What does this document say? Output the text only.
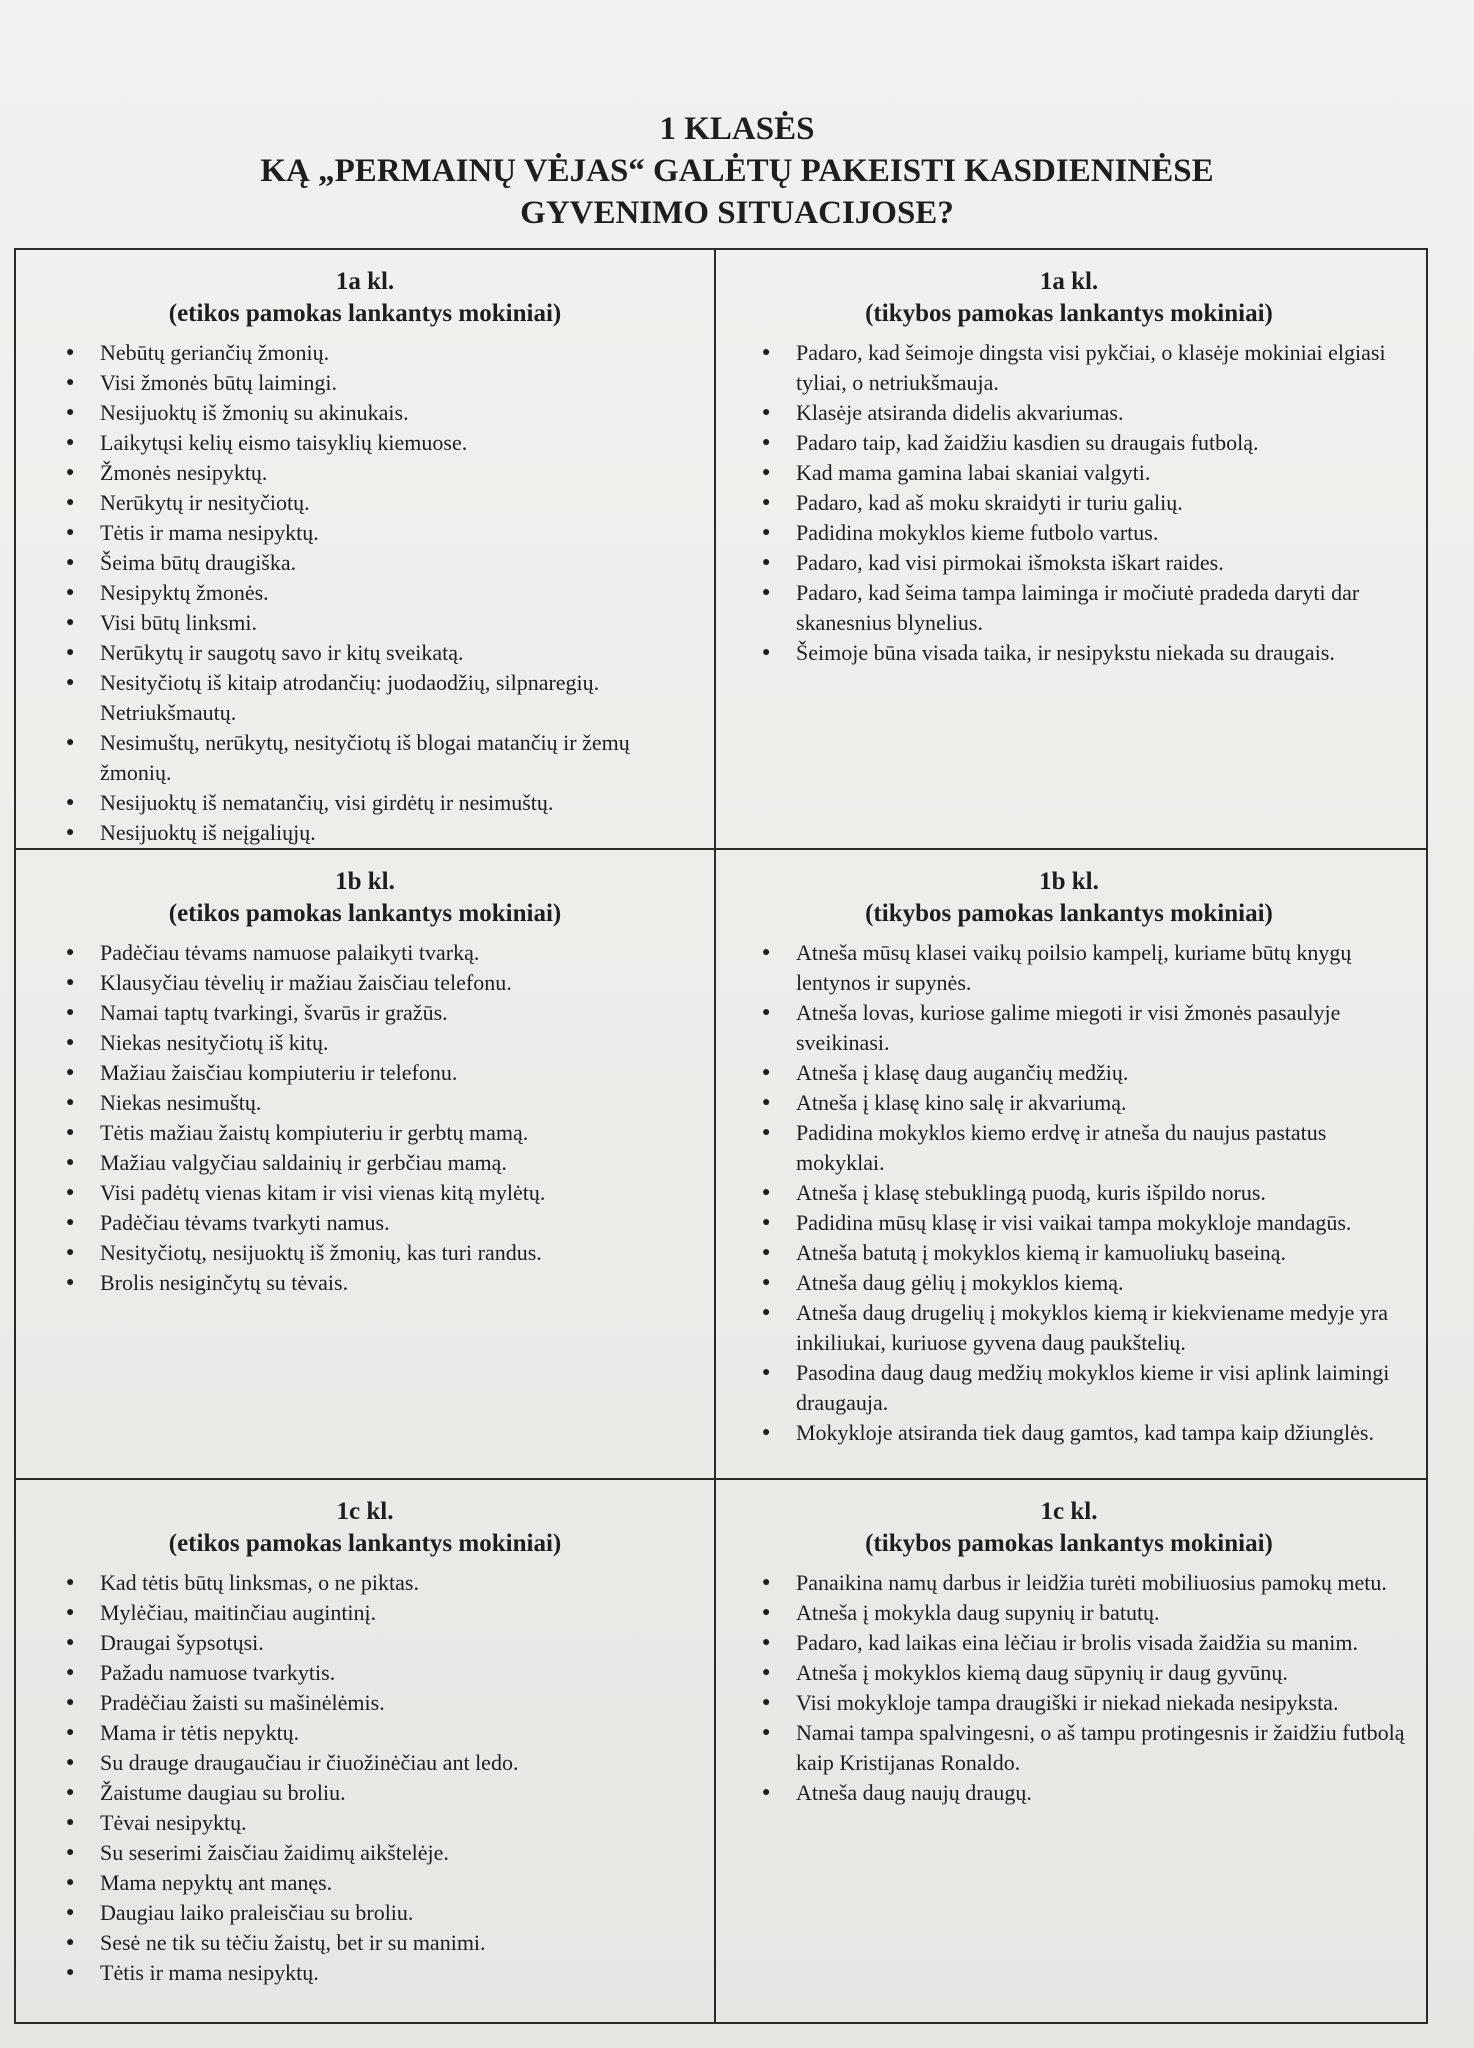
1 KLASĖS
KĄ „PERMAINŲ VĖJAS“ GALĖTŲ PAKEISTI KASDIENINĖSE
GYVENIMO SITUACIJOSE?
1a kl.
(etikos pamokas lankantys mokiniai)
● Nebūtų geriančių žmonių.
● Visi žmonės būtų laimingi.
● Nesijuoktų iš žmonių su akinukais.
● Laikytųsi kelių eismo taisyklių kiemuose.
● Žmonės nesipyktų.
● Nerūkytų ir nesityčiotų.
● Tėtis ir mama nesipyktų.
● Šeima būtų draugiška.
● Nesipyktų žmonės.
● Visi būtų linksmi.
● Nerūkytų ir saugotų savo ir kitų sveikatą.
● Nesityčiotų iš kitaip atrodančių: juodaodžių, silpnaregių. Netriukšmautų.
● Nesimuštų, nerūkytų, nesityčiotų iš blogai matančių ir žemų žmonių.
● Nesijuoktų iš nematančių, visi girdėtų ir nesimuštų.
● Nesijuoktų iš neįgaliųjų.
1a kl.
(tikybos pamokas lankantys mokiniai)
● Padaro, kad šeimoje dingsta visi pykčiai, o klasėje mokiniai elgiasi tyliai, o netriukšmauja.
● Klasėje atsiranda didelis akvariumas.
● Padaro taip, kad žaidžiu kasdien su draugais futbolą.
● Kad mama gamina labai skaniai valgyti.
● Padaro, kad aš moku skraidyti ir turiu galių.
● Padidina mokyklos kieme futbolo vartus.
● Padaro, kad visi pirmokai išmoksta iškart raides.
● Padaro, kad šeima tampa laiminga ir močiutė pradeda daryti dar skanesnius blynelius.
● Šeimoje būna visada taika, ir nesipykstu niekada su draugais.
1b kl.
(etikos pamokas lankantys mokiniai)
● Padėčiau tėvams namuose palaikyti tvarką.
● Klausyčiau tėvelių ir mažiau žaisčiau telefonu.
● Namai taptų tvarkingi, švarūs ir gražūs.
● Niekas nesityčiotų iš kitų.
● Mažiau žaisčiau kompiuteriu ir telefonu.
● Niekas nesimuštų.
● Tėtis mažiau žaistų kompiuteriu ir gerbtų mamą.
● Mažiau valgyčiau saldainių ir gerbčiau mamą.
● Visi padėtų vienas kitam ir visi vienas kitą mylėtų.
● Padėčiau tėvams tvarkyti namus.
● Nesityčiotų, nesijuoktų iš žmonių, kas turi randus.
● Brolis nesiginčytų su tėvais.
1b kl.
(tikybos pamokas lankantys mokiniai)
● Atneša mūsų klasei vaikų poilsio kampelį, kuriame būtų knygų lentynos ir supynės.
● Atneša lovas, kuriose galime miegoti ir visi žmonės pasaulyje sveikinasi.
● Atneša į klasę daug augančių medžių.
● Atneša į klasę kino salę ir akvariumą.
● Padidina mokyklos kiemo erdvę ir atneša du naujus pastatus mokyklai.
● Atneša į klasę stebuklingą puodą, kuris išpildo norus.
● Padidina mūsų klasę ir visi vaikai tampa mokykloje mandagūs.
● Atneša batutą į mokyklos kiemą ir kamuoliukų baseiną.
● Atneša daug gėlių į mokyklos kiemą.
● Atneša daug drugelių į mokyklos kiemą ir kiekviename medyje yra inkiliukai, kuriuose gyvena daug paukštelių.
● Pasodina daug daug medžių mokyklos kieme ir visi aplink laimingi draugauja.
● Mokykloje atsiranda tiek daug gamtos, kad tampa kaip džiunglės.
1c kl.
(etikos pamokas lankantys mokiniai)
● Kad tėtis būtų linksmas, o ne piktas.
● Mylėčiau, maitinčiau augintinį.
● Draugai šypsotųsi.
● Pažadu namuose tvarkytis.
● Pradėčiau žaisti su mašinėlėmis.
● Mama ir tėtis nepyktų.
● Su drauge draugaučiau ir čiuožinėčiau ant ledo.
● Žaistume daugiau su broliu.
● Tėvai nesipyktų.
● Su seserimi žaisčiau žaidimų aikštelėje.
● Mama nepyktų ant manęs.
● Daugiau laiko praleisčiau su broliu.
● Sesė ne tik su tėčiu žaistų, bet ir su manimi.
● Tėtis ir mama nesipyktų.
1c kl.
(tikybos pamokas lankantys mokiniai)
● Panaikina namų darbus ir leidžia turėti mobiliuosius pamokų metu.
● Atneša į mokykla daug supynių ir batutų.
● Padaro, kad laikas eina lėčiau ir brolis visada žaidžia su manim.
● Atneša į mokyklos kiemą daug sūpynių ir daug gyvūnų.
● Visi mokykloje tampa draugiški ir niekad niekada nesipyksta.
● Namai tampa spalvingesni, o aš tampu protingesnis ir žaidžiu futbolą kaip Kristijanas Ronaldo.
● Atneša daug naujų draugų.
